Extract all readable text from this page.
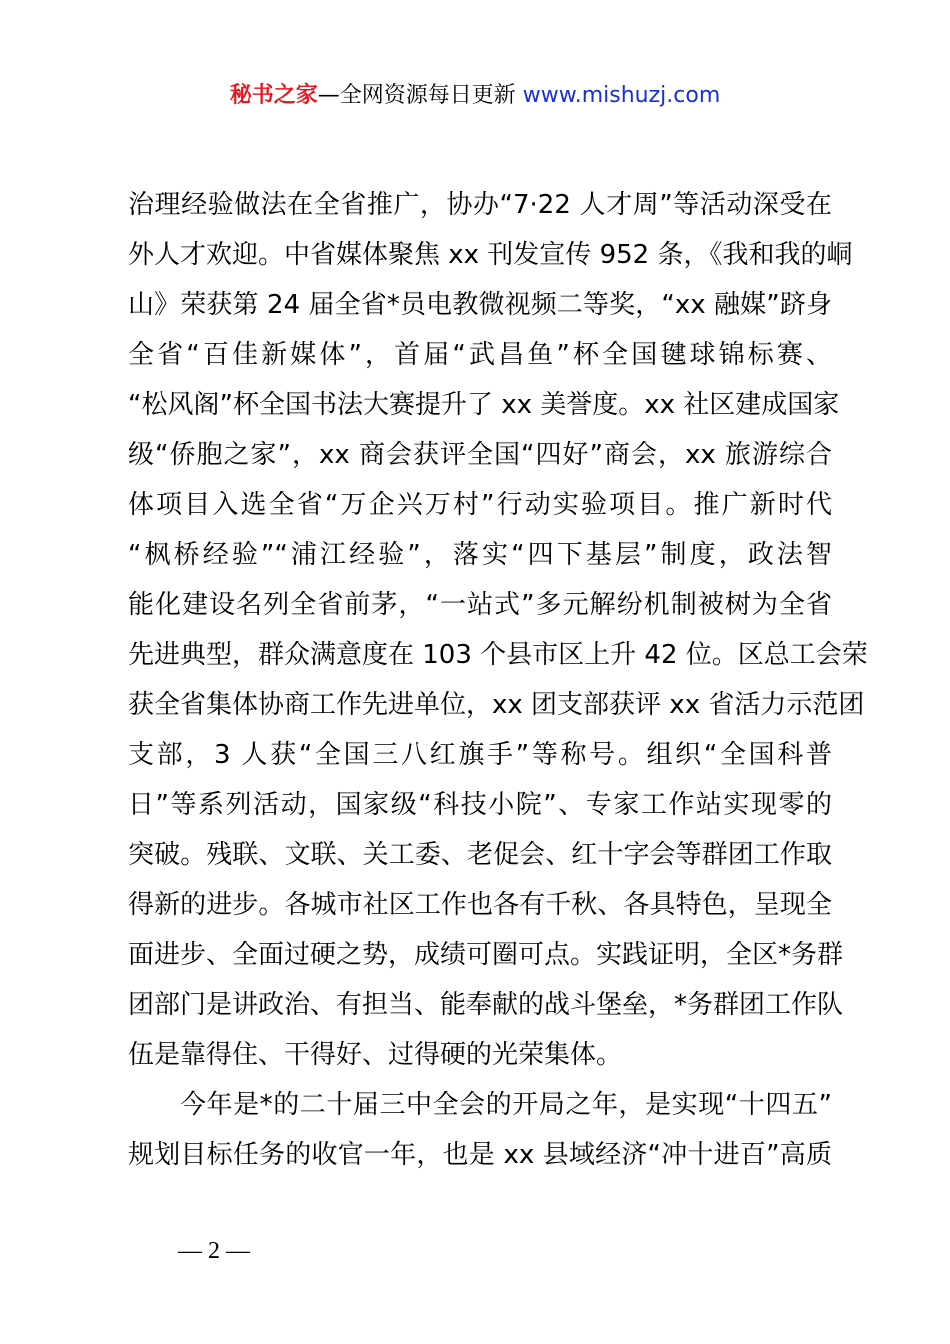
秘书之家—全网资源每日更新 www.mishuzj.com
治理经验做法在全省推广，协办“7·22 人才周”等活动深受在
外人才欢迎。中省媒体聚焦 xx 刊发宣传 952 条，《我和我的峒
山》荣获第 24 届全省*员电教微视频二等奖，“xx 融媒”跻身
全省“百佳新媒体”，首届“武昌鱼”杯全国毽球锦标赛、
“松风阁”杯全国书法大赛提升了 xx 美誉度。xx 社区建成国家
级“侨胞之家”，xx 商会获评全国“四好”商会，xx 旅游综合
体项目入选全省“万企兴万村”行动实验项目。推广新时代
“枫桥经验”“浦江经验”，落实“四下基层”制度，政法智
能化建设名列全省前茅，“一站式”多元解纷机制被树为全省
先进典型，群众满意度在 103 个县市区上升 42 位。区总工会荣
获全省集体协商工作先进单位，xx 团支部获评 xx 省活力示范团
支部，3 人获“全国三八红旗手”等称号。组织“全国科普
日”等系列活动，国家级“科技小院”、专家工作站实现零的
突破。残联、文联、关工委、老促会、红十字会等群团工作取
得新的进步。各城市社区工作也各有千秋、各具特色，呈现全
面进步、全面过硬之势，成绩可圈可点。实践证明，全区*务群
团部门是讲政治、有担当、能奉献的战斗堡垒，*务群团工作队
伍是靠得住、干得好、过得硬的光荣集体。
今年是*的二十届三中全会的开局之年，是实现“十四五”
规划目标任务的收官一年，也是 xx 县域经济“冲十进百”高质
— 2 —
